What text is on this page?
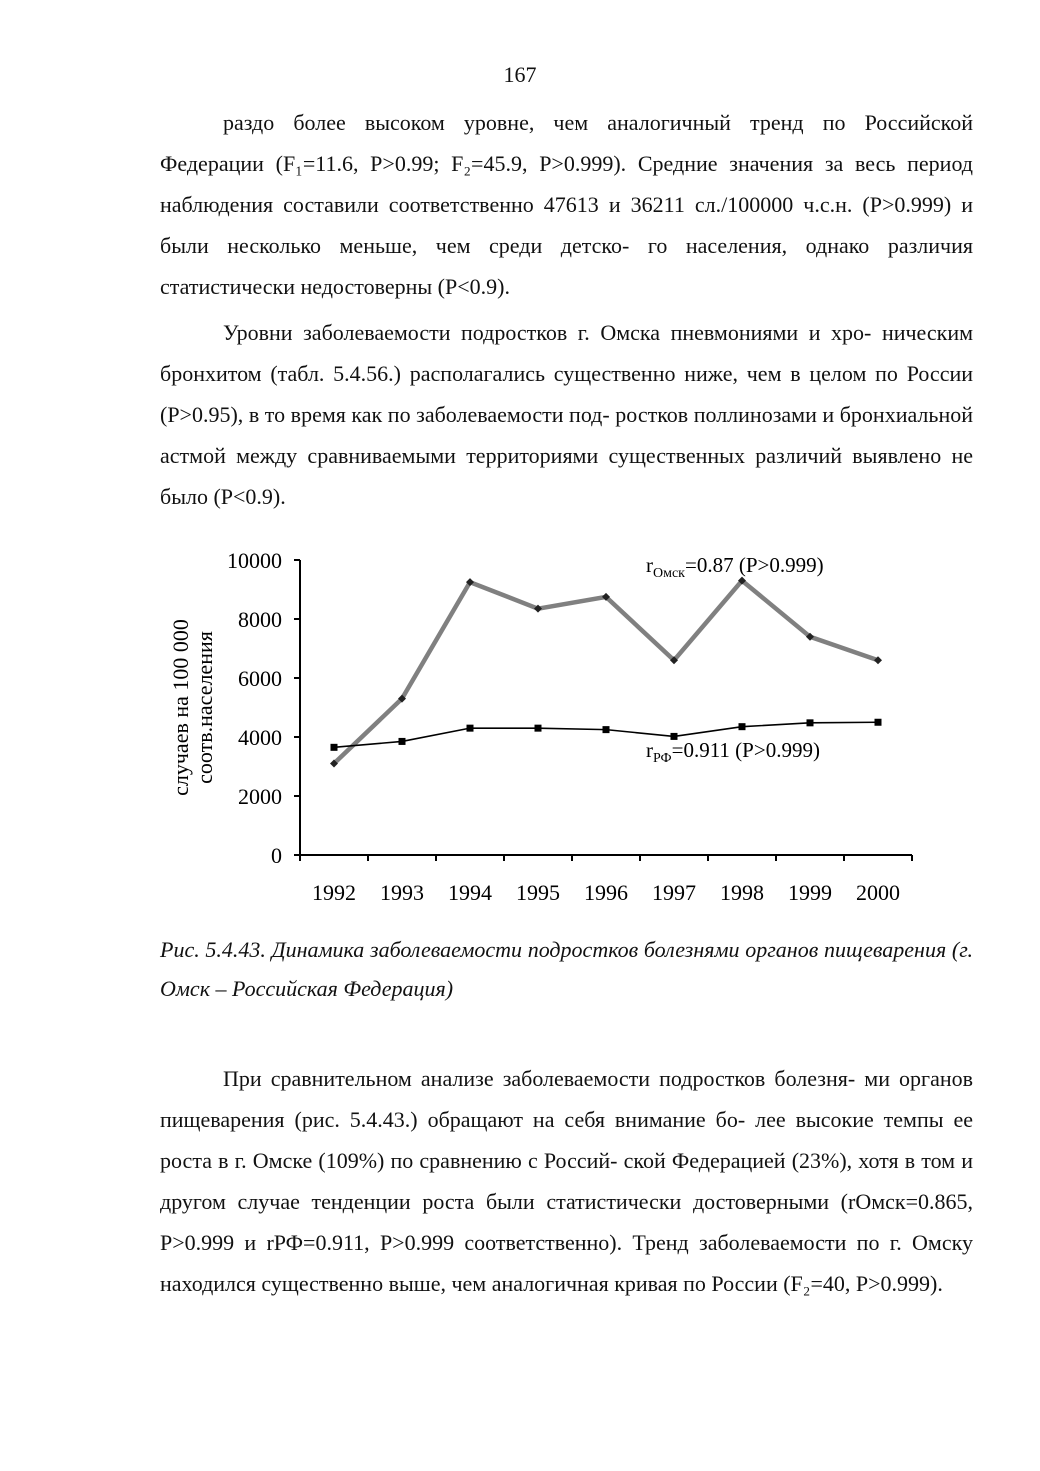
167
раздо более высоком уровне, чем аналогичный тренд по Российской Федерации (F₁=11.6, P>0.99; F₂=45.9, P>0.999). Средние значения за весь период наблюдения составили соответственно 47613 и 36211 сл./100000 ч.с.н. (P>0.999) и были несколько меньше, чем среди детско- го населения, однако различия статистически недостоверны (P<0.9).
Уровни заболеваемости подростков г. Омска пневмониями и хро- ническим бронхитом (табл. 5.4.56.) располагались существенно ниже, чем в целом по России (P>0.95), в то время как по заболеваемости под- ростков поллинозами и бронхиальной астмой между сравниваемыми территориями существенных различий выявлено не было (P<0.9).
0
2000
4000
6000
8000
10000
1992 1993 1994 1995 1996 1997 1998 1999 2000
случаев на 100 000 соотв.населения
$r_{Омск}=0.87$ (P>0.999)
$r_{РФ}=0.911$ (P>0.999)
Рис. 5.4.43. Динамика заболеваемости подростков болезнями органов пищеварения (г. Омск – Российская Федерация)
При сравнительном анализе заболеваемости подростков болезня- ми органов пищеварения (рис. 5.4.43.) обращают на себя внимание бо- лее высокие темпы ее роста в г. Омске (109%) по сравнению с Россий- ской Федерацией (23%), хотя в том и другом случае тенденции роста были статистически достоверными (rОмск=0.865, P>0.999 и rРФ=0.911, P>0.999 соответственно). Тренд заболеваемости по г. Омску находился существенно выше, чем аналогичная кривая по России (F₂=40, P>0.999).
